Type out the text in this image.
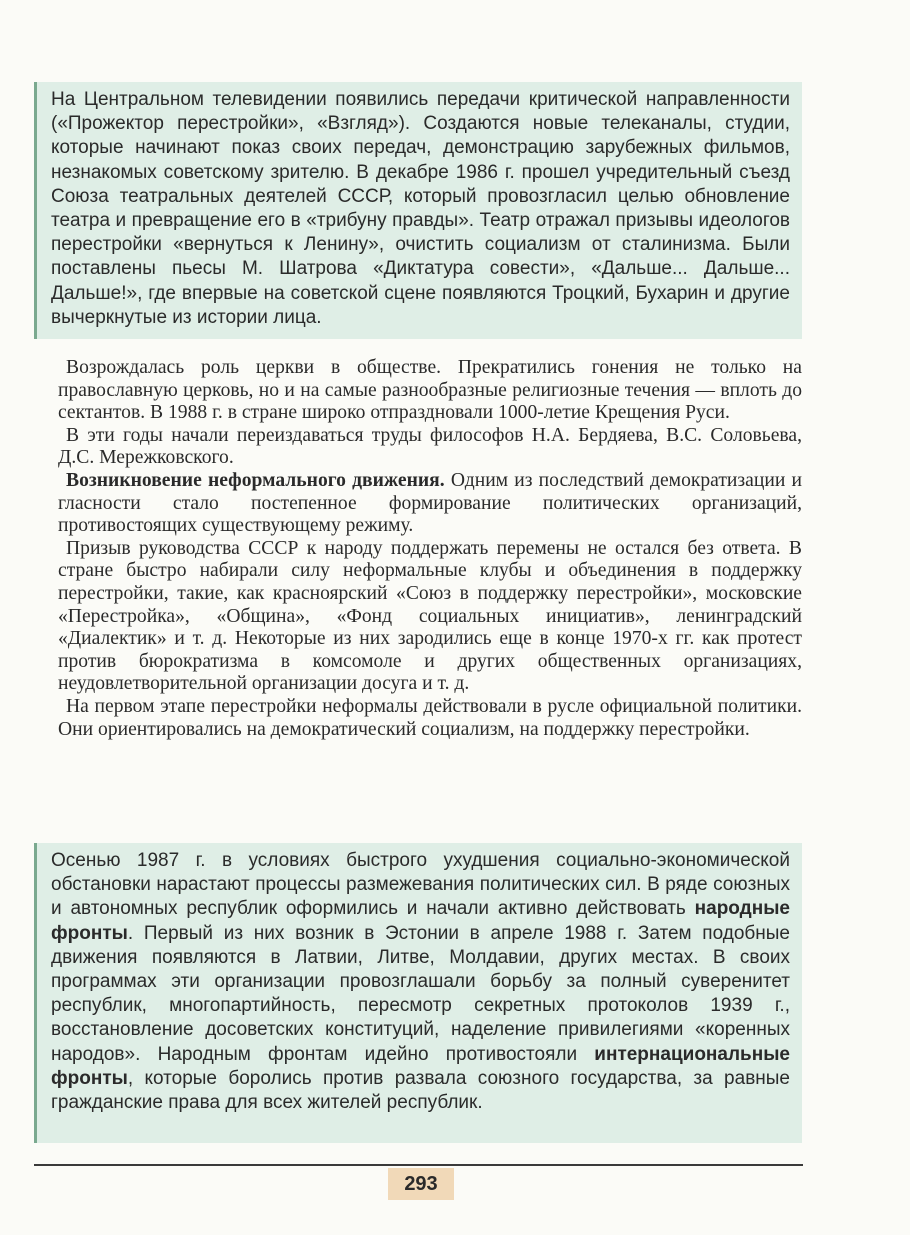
На Центральном телевидении появились передачи критической направленности («Прожектор перестройки», «Взгляд»). Создаются новые телеканалы, студии, которые начинают показ своих передач, демонстрацию зарубежных фильмов, незнакомых советскому зрителю. В декабре 1986 г. прошел учредительный съезд Союза театральных деятелей СССР, который провозгласил целью обновление театра и превращение его в «трибуну правды». Театр отражал призывы идеологов перестройки «вернуться к Ленину», очистить социализм от сталинизма. Были поставлены пьесы М. Шатрова «Диктатура совести», «Дальше... Дальше... Дальше!», где впервые на советской сцене появляются Троцкий, Бухарин и другие вычеркнутые из истории лица.

Возрождалась роль церкви в обществе. Прекратились гонения не только на православную церковь, но и на самые разнообразные религиозные течения — вплоть до сектантов. В 1988 г. в стране широко отпраздновали 1000-летие Крещения Руси.

В эти годы начали переиздаваться труды философов Н.А. Бердяева, В.С. Соловьева, Д.С. Мережковского.

Возникновение неформального движения. Одним из последствий демократизации и гласности стало постепенное формирование политических организаций, противостоящих существующему режиму.

Призыв руководства СССР к народу поддержать перемены не остался без ответа. В стране быстро набирали силу неформальные клубы и объединения в поддержку перестройки, такие, как красноярский «Союз в поддержку перестройки», московские «Перестройка», «Община», «Фонд социальных инициатив», ленинградский «Диалектик» и т. д. Некоторые из них зародились еще в конце 1970-х гг. как протест против бюрократизма в комсомоле и других общественных организациях, неудовлетворительной организации досуга и т. д.

На первом этапе перестройки неформалы действовали в русле официальной политики. Они ориентировались на демократический социализм, на поддержку перестройки.

Осенью 1987 г. в условиях быстрого ухудшения социально-экономической обстановки нарастают процессы размежевания политических сил. В ряде союзных и автономных республик оформились и начали активно действовать народные фронты. Первый из них возник в Эстонии в апреле 1988 г. Затем подобные движения появляются в Латвии, Литве, Молдавии, других местах. В своих программах эти организации провозглашали борьбу за полный суверенитет республик, многопартийность, пересмотр секретных протоколов 1939 г., восстановление досоветских конституций, наделение привилегиями «коренных народов». Народным фронтам идейно противостояли интернациональные фронты, которые боролись против развала союзного государства, за равные гражданские права для всех жителей республик.

293
